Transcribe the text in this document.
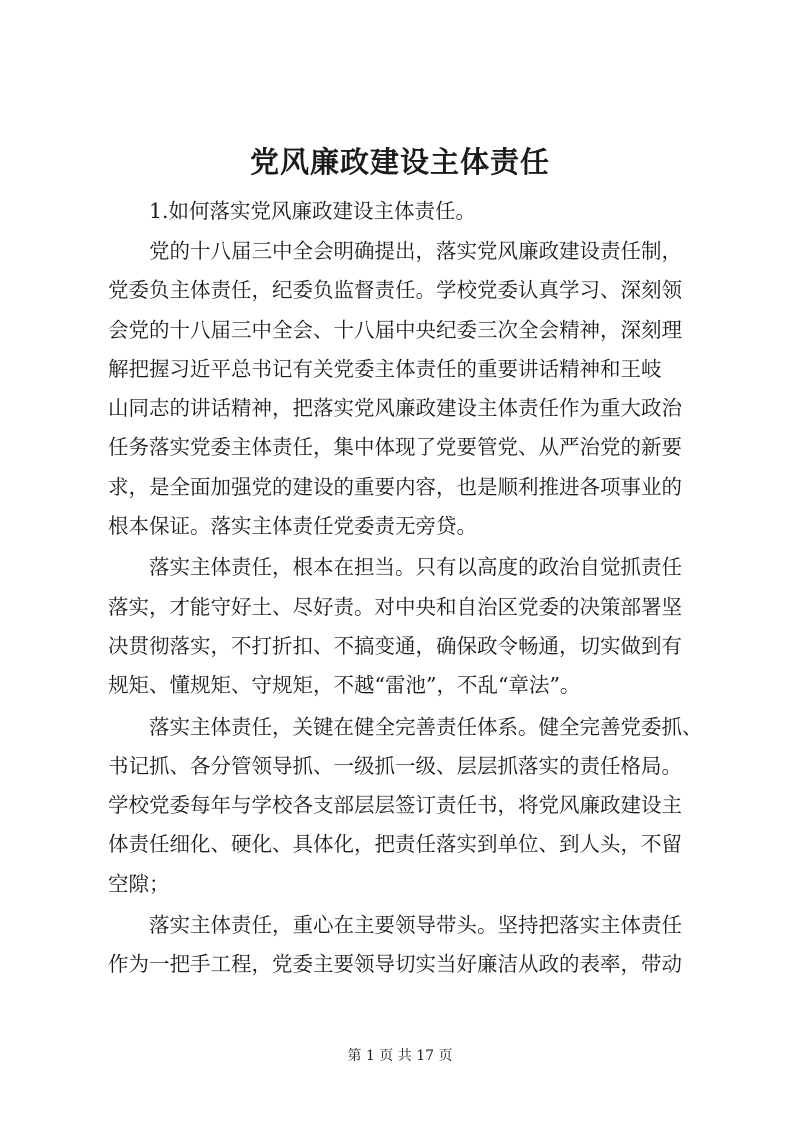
党风廉政建设主体责任

1.如何落实党风廉政建设主体责任。

党的十八届三中全会明确提出，落实党风廉政建设责任制，
党委负主体责任，纪委负监督责任。学校党委认真学习、深刻领
会党的十八届三中全会、十八届中央纪委三次全会精神，深刻理
解把握习近平总书记有关党委主体责任的重要讲话精神和王岐
山同志的讲话精神，把落实党风廉政建设主体责任作为重大政治
任务落实党委主体责任，集中体现了党要管党、从严治党的新要
求，是全面加强党的建设的重要内容，也是顺利推进各项事业的
根本保证。落实主体责任党委责无旁贷。

落实主体责任，根本在担当。只有以高度的政治自觉抓责任
落实，才能守好土、尽好责。对中央和自治区党委的决策部署坚
决贯彻落实，不打折扣、不搞变通，确保政令畅通，切实做到有
规矩、懂规矩、守规矩，不越“雷池”，不乱“章法”。

落实主体责任，关键在健全完善责任体系。健全完善党委抓、
书记抓、各分管领导抓、一级抓一级、层层抓落实的责任格局。
学校党委每年与学校各支部层层签订责任书，将党风廉政建设主
体责任细化、硬化、具体化，把责任落实到单位、到人头，不留
空隙；

落实主体责任，重心在主要领导带头。坚持把落实主体责任
作为一把手工程，党委主要领导切实当好廉洁从政的表率，带动

第 1 页 共 17 页
